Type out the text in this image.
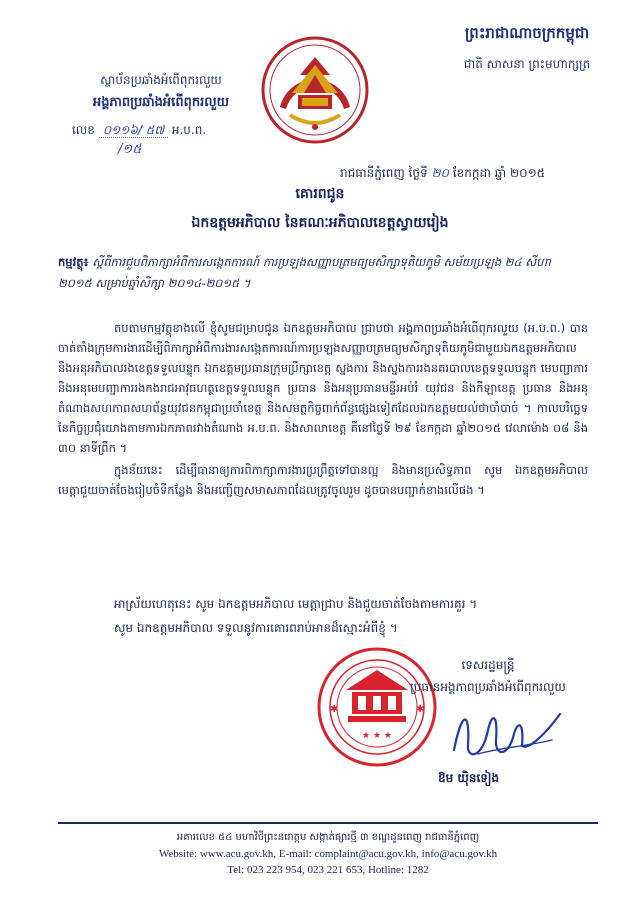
ព្រះរាជាណាចក្រកម្ពុជា
ជាតិ សាសនា ព្រះមហាក្សត្រ
ស្ថាប័នប្រឆាំងអំពើពុករលួយ
អង្គភាពប្រឆាំងអំពើពុករលួយ
លេខ ០១១៦/ ៥៧ អ.ប.ព.
/១៥
រាជធានីភ្នំពេញ ថ្ងៃទី ២០ ខែកក្កដា ឆ្នាំ ២០១៥
គោរពជូន
ឯកឧត្តមអភិបាល នៃគណៈអភិបាលខេត្តស្វាយរៀង
កម្មវត្ថុ៖ ស្តីពីការជួបពិភាក្សាអំពីការសង្កេតការណ៍ ការប្រឡងសញ្ញាបត្រមធ្យមសិក្សាទុតិយភូមិ សម័យប្រឡង ២៤ សីហា ២០១៥ សម្រាប់ឆ្នាំសិក្សា ២០១៤-២០១៥ ។

តបតាមកម្មវត្ថុខាងលើ ខ្ញុំសូមជម្រាបជូន ឯកឧត្តមអភិបាល ជ្រាបថា អង្គភាពប្រឆាំងអំពើពុករលួយ (អ.ប.ព.) បានចាត់តាំងក្រុមការងារដើម្បីពិភាក្សាអំពីការងារសង្កេតការណ៍ការប្រឡងសញ្ញាបត្រមធ្យមសិក្សាទុតិយភូមិជាមួយឯកឧត្តមអភិបាល និងអនុអភិបាលរងខេត្តទទួលបន្ទុក ឯកឧត្តមប្រធានក្រុមប្រឹក្សាខេត្ត ស្នងការ និងស្នងការរងនគរបាលខេត្តទទួលបន្ទុក មេបញ្ជាការ និងអនុមេបញ្ជាការរងកងរាជអាវុធហត្ថខេត្តទទួលបន្ទុក ប្រធាន និងអនុប្រធានមន្ទីរអប់រំ យុវជន និងកីឡាខេត្ត ប្រធាន និងអនុតំណាងសហភាពសហព័ន្ធយុវជនកម្ពុជាប្រចាំខេត្ត និងសមត្ថកិច្ចពាក់ព័ន្ធផ្សេងទៀតដែលឯកឧត្តមយល់ថាចាំបាច់ ។ កាលបរិច្ឆេទនៃកិច្ចប្រជុំយោងតាមការឯកភាពរវាងតំណាង អ.ប.ព. និងសាលាខេត្ត គឺនៅថ្ងៃទី ២៩ ខែកក្កដា ឆ្នាំ២០១៥ វេលាម៉ោង ០៨ និង ៣០ នាទីព្រឹក ។

ក្នុងន័យនេះ ដើម្បីធានាឲ្យការពិភាក្សាការងារប្រព្រឹត្តទៅបានល្អ និងមានប្រសិទ្ធភាព សូម ឯកឧត្តមអភិបាល មេត្តាជួយចាត់ចែងរៀបចំទីកន្លែង និងអញ្ជើញសមាសភាពដែលត្រូវចូលរួម ដូចបានបញ្ជាក់ខាងលើផង ។

អាស្រ័យហេតុនេះ សូម ឯកឧត្តមអភិបាល មេត្តាជ្រាប និងជួយចាត់ចែងតាមការគួរ ។

សូម ឯកឧត្តមអភិបាល ទទួលនូវការគោរពរាប់អានដ៏ស្មោះអំពីខ្ញុំ ។

★ ★ ★
✱	✱
ទេសរដ្ឋមន្ត្រី
ប្រធានអង្គភាពប្រឆាំងអំពើពុករលួយ
ឱម យ៉ិនទៀង
អគារលេខ ៥៤ មហាវិថីព្រះនរោត្តម សង្កាត់ផ្សារថ្មី ៣ ខណ្ឌដូនពេញ រាជធានីភ្នំពេញ
Website: www.acu.gov.kh, E-mail: complaint@acu.gov.kh, info@acu.gov.kh
Tel: 023 223 954, 023 221 653, Hotline: 1282
